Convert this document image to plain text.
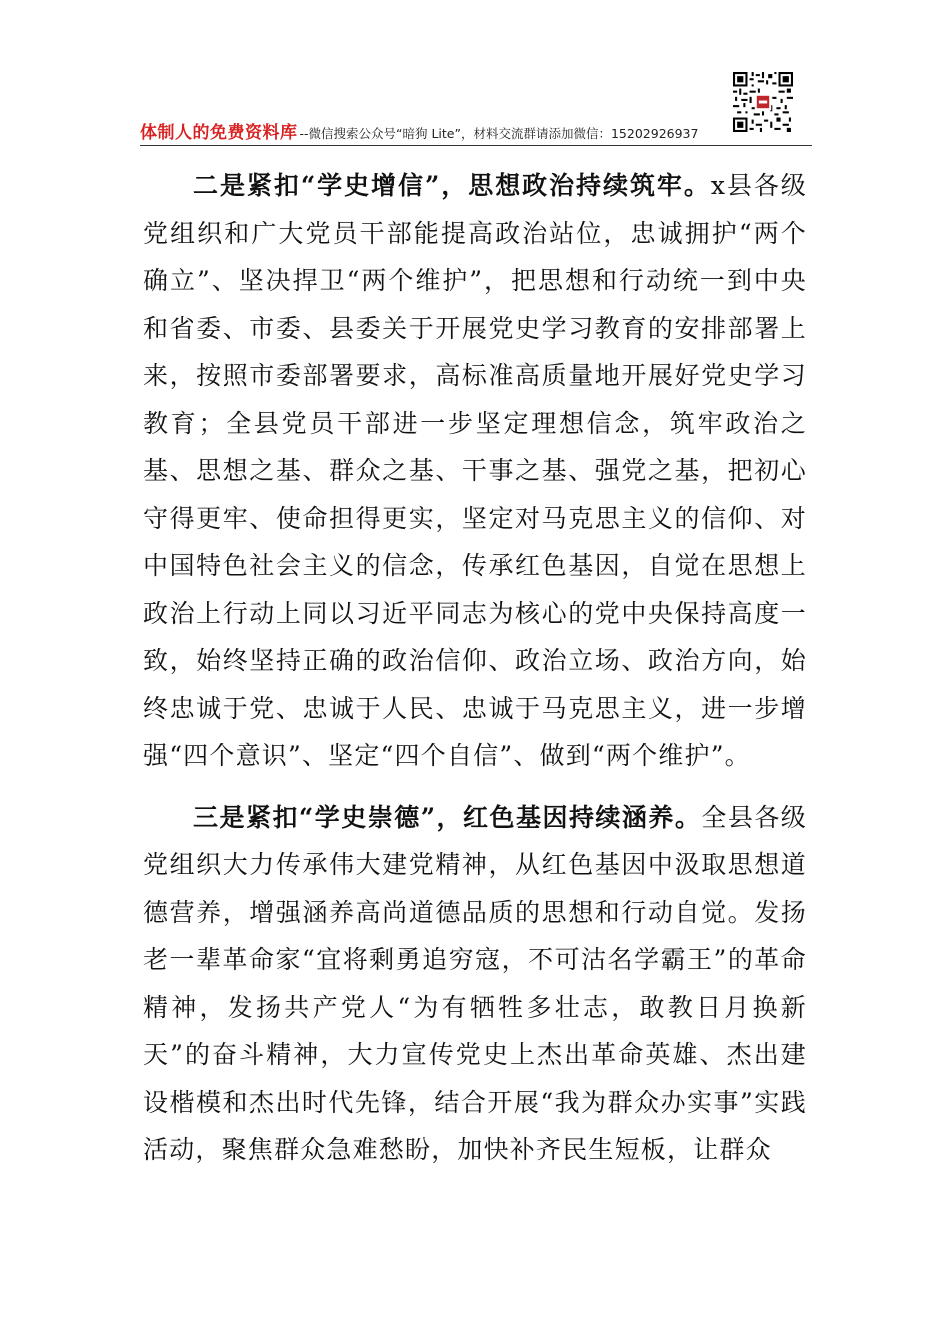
体制人的免费资料库 --微信搜索公众号“暗狗 Lite”，材料交流群请添加微信：15202926937

二是紧扣“学史增信”，思想政治持续筑牢。x县各级党组织和广大党员干部能提高政治站位，忠诚拥护“两个确立”、坚决捍卫“两个维护”，把思想和行动统一到中央和省委、市委、县委关于开展党史学习教育的安排部署上来，按照市委部署要求，高标准高质量地开展好党史学习教育；全县党员干部进一步坚定理想信念，筑牢政治之基、思想之基、群众之基、干事之基、强党之基，把初心守得更牢、使命担得更实，坚定对马克思主义的信仰、对中国特色社会主义的信念，传承红色基因，自觉在思想上政治上行动上同以习近平同志为核心的党中央保持高度一致，始终坚持正确的政治信仰、政治立场、政治方向，始终忠诚于党、忠诚于人民、忠诚于马克思主义，进一步增强“四个意识”、坚定“四个自信”、做到“两个维护”。

三是紧扣“学史崇德”，红色基因持续涵养。全县各级党组织大力传承伟大建党精神，从红色基因中汲取思想道德营养，增强涵养高尚道德品质的思想和行动自觉。发扬老一辈革命家“宜将剩勇追穷寇，不可沽名学霸王”的革命精神，发扬共产党人“为有牺牲多壮志，敢教日月换新天”的奋斗精神，大力宣传党史上杰出革命英雄、杰出建设楷模和杰出时代先锋，结合开展“我为群众办实事”实践活动，聚焦群众急难愁盼，加快补齐民生短板，让群众
